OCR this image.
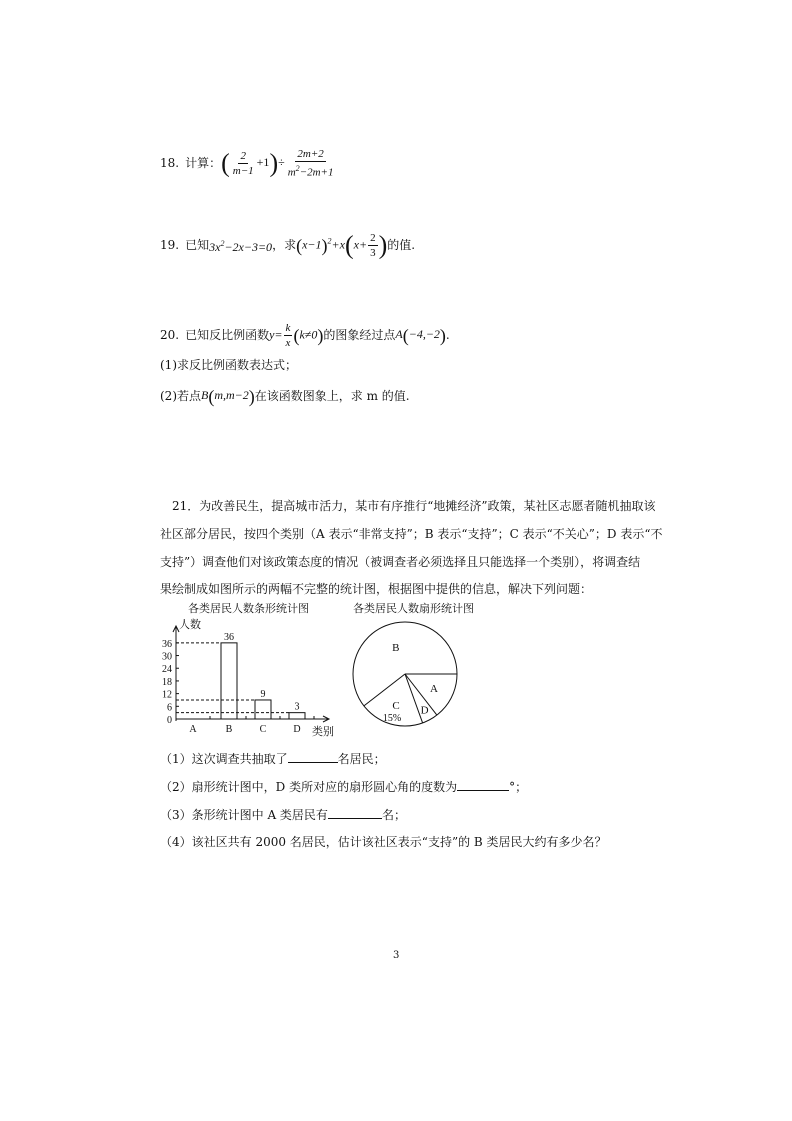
18. 计算： ( $\frac{2}{m-1} +1)\div \frac{2m+2}{m^2-2m+1}$
19. 已知 $3x^2-2x-3=0$ ，求 $(x-1)^2+x(x+ \frac{2}{3}$ ) 的值.
20. 已知反比例函数 $y= \frac{k}{x} (k\ne 0)$ 的图象经过点 A(−4,−2) .
(1)求反比例函数表达式；
(2)若点 B(m,m−2) 在该函数图象上，求 m 的值.
21．为改善民生，提高城市活力，某市有序推行“地摊经济”政策，某社区志愿者随机抽取该
社区部分居民，按四个类别（A 表示“非常支持”；B 表示“支持”；C 表示“不关心”；D 表示“不
支持”）调查他们对该政策态度的情况（被调查者必须选择且只能选择一个类别），将调查结
果绘制成如图所示的两幅不完整的统计图，根据图中提供的信息，解决下列问题：
各类居民人数条形统计图
人数
类别
0
6
12
18
24
30
36
A	B
36
C
9
D
3
各类居民人数扇形统计图
A
D
C
B
15%
（1）这次调查共抽取了	名居民；
（2）扇形统计图中，D 类所对应的扇形圆心角的度数为	°；
（3）条形统计图中 A 类居民有	名；
（4）该社区共有 2000 名居民，估计该社区表示“支持”的 B 类居民大约有多少名？
3
